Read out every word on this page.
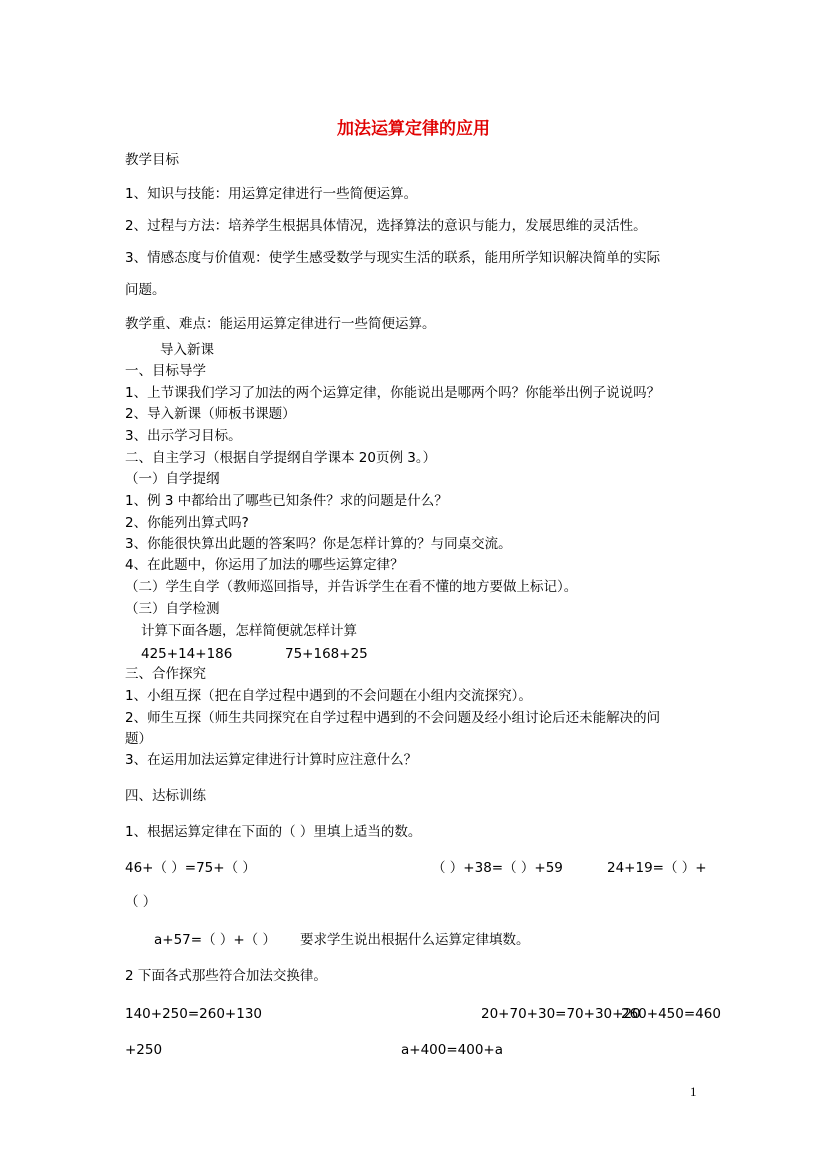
加法运算定律的应用
教学目标
1、知识与技能：用运算定律进行一些简便运算。
2、过程与方法：培养学生根据具体情况，选择算法的意识与能力，发展思维的灵活性。
3、情感态度与价值观：使学生感受数学与现实生活的联系，能用所学知识解决简单的实际
问题。
教学重、难点：能运用运算定律进行一些简便运算。
导入新课
一、目标导学
1、上节课我们学习了加法的两个运算定律，你能说出是哪两个吗？你能举出例子说说吗？
2、导入新课（师板书课题）
3、出示学习目标。
二、自主学习（根据自学提纲自学课本 20页例 3。）
（一）自学提纲
1、例 3 中都给出了哪些已知条件？求的问题是什么？
2、你能列出算式吗?
3、你能很快算出此题的答案吗？你是怎样计算的？与同桌交流。
4、在此题中，你运用了加法的哪些运算定律？
（二）学生自学（教师巡回指导，并告诉学生在看不懂的地方要做上标记）。
（三）自学检测
计算下面各题，怎样简便就怎样计算
425+14+186	75+168+25
三、合作探究
1、小组互探（把在自学过程中遇到的不会问题在小组内交流探究）。
2、师生互探（师生共同探究在自学过程中遇到的不会问题及经小组讨论后还未能解决的问
题）
3、在运用加法运算定律进行计算时应注意什么？
四、达标训练
1、根据运算定律在下面的（ ）里填上适当的数。
46+（ ）=75+（ ）	（ ）+38=（ ）+59	24+19=（ ）+
（ ）
a+57=（ ）+（ ） 要求学生说出根据什么运算定律填数。
2 下面各式那些符合加法交换律。
140+250=260+130	20+70+30=70+30+20
260+450=460
+250	a+400=400+a
1
